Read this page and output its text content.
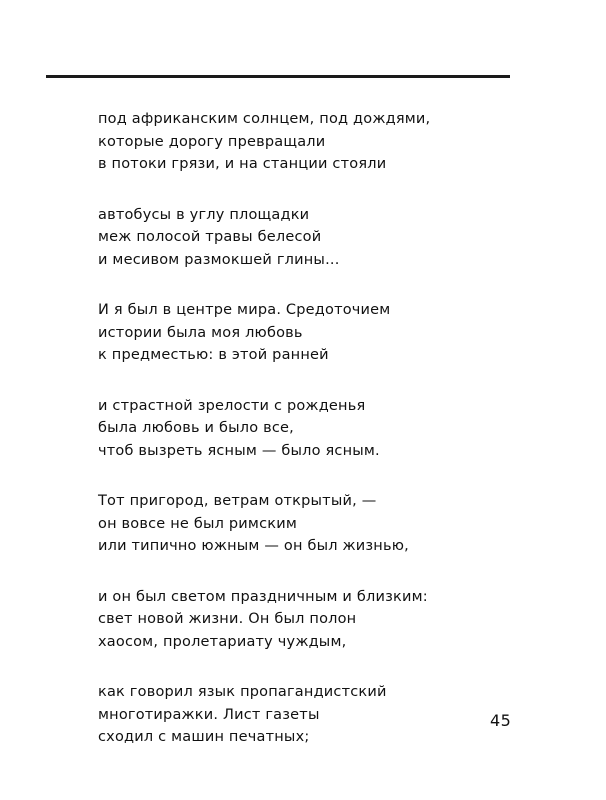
под африканским солнцем, под дождями,
которые дорогу превращали
в потоки грязи, и на станции стояли
автобусы в углу площадки
меж полосой травы белесой
и месивом размокшей глины...
И я был в центре мира. Средоточием
истории была моя любовь
к предместью: в этой ранней
и страстной зрелости с рожденья
была любовь и было все,
чтоб вызреть ясным — было ясным.
Тот пригород, ветрам открытый, —
он вовсе не был римским
или типично южным — он был жизнью,
и он был светом праздничным и близким:
свет новой жизни. Он был полон
хаосом, пролетариату чуждым,
как говорил язык пропагандистский
многотиражки. Лист газеты
сходил с машин печатных;
45
